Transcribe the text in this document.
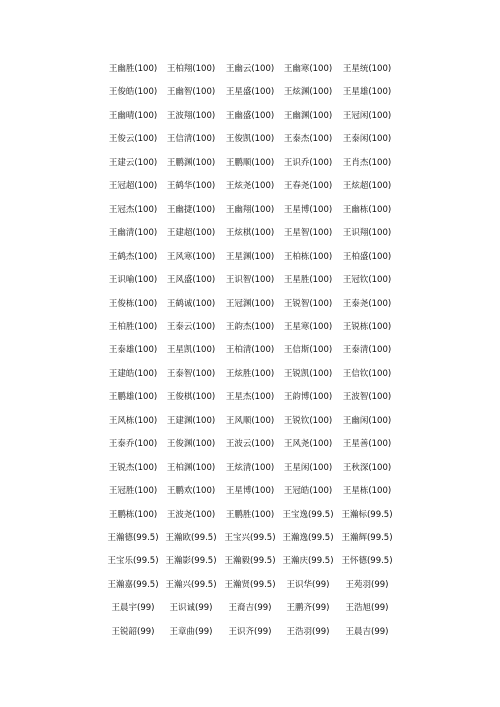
王幽胜(100)	王柏翔(100)	王幽云(100)	王幽寒(100)	王星统(100)
王俊皓(100)	王幽智(100)	王星盛(100)	王炫渊(100)	王星雄(100)
王幽晴(100)	王波翔(100)	王幽盛(100)	王幽渊(100)	王冠闲(100)
王俊云(100)	王信清(100)	王俊凯(100)	王泰杰(100)	王泰闲(100)
王建云(100)	王鹏渊(100)	王鹏顺(100)	王识乔(100)	王肖杰(100)
王冠超(100)	王鹤华(100)	王炫尧(100)	王春尧(100)	王炫超(100)
王冠杰(100)	王幽捷(100)	王幽翔(100)	王星博(100)	王幽栋(100)
王幽清(100)	王建超(100)	王炫棋(100)	王星智(100)	王识翔(100)
王鹤杰(100)	王风寒(100)	王星渊(100)	王柏栋(100)	王柏盛(100)
王识喻(100)	王风盛(100)	王识智(100)	王星胜(100)	王冠钦(100)
王俊栋(100)	王鹤诚(100)	王冠渊(100)	王锐智(100)	王泰尧(100)
王柏胜(100)	王泰云(100)	王韵杰(100)	王星寒(100)	王锐栋(100)
王泰雄(100)	王星凯(100)	王柏清(100)	王信斯(100)	王泰清(100)
王建皓(100)	王泰智(100)	王炫胜(100)	王锐凯(100)	王信钦(100)
王鹏雄(100)	王俊棋(100)	王星杰(100)	王韵博(100)	王波智(100)
王风栋(100)	王建渊(100)	王风顺(100)	王锐钦(100)	王幽闲(100)
王泰乔(100)	王俊渊(100)	王波云(100)	王风尧(100)	王星善(100)
王锐杰(100)	王柏渊(100)	王炫清(100)	王星闲(100)	王秋深(100)
王冠胜(100)	王鹏欢(100)	王星博(100)	王冠皓(100)	王星栋(100)
王鹏栋(100)	王波尧(100)	王鹏胜(100) 王宝逸(99.5) 王瀚标(99.5)
王瀚德(99.5) 王瀚欧(99.5) 王宝兴(99.5) 王瀚逸(99.5) 王瀚辉(99.5)
王宝乐(99.5) 王瀚影(99.5) 王瀚毅(99.5) 王瀚庆(99.5) 王怀德(99.5)
王瀚嘉(99.5) 王瀚兴(99.5) 王瀚贤(99.5)	王识华(99)	王苑羽(99)
王晨宇(99)	王识诚(99)	王裔吉(99)	王鹏齐(99)	王浩旭(99)
王锐韶(99)	王章曲(99)	王识齐(99)	王浩羽(99)	王晨吉(99)
